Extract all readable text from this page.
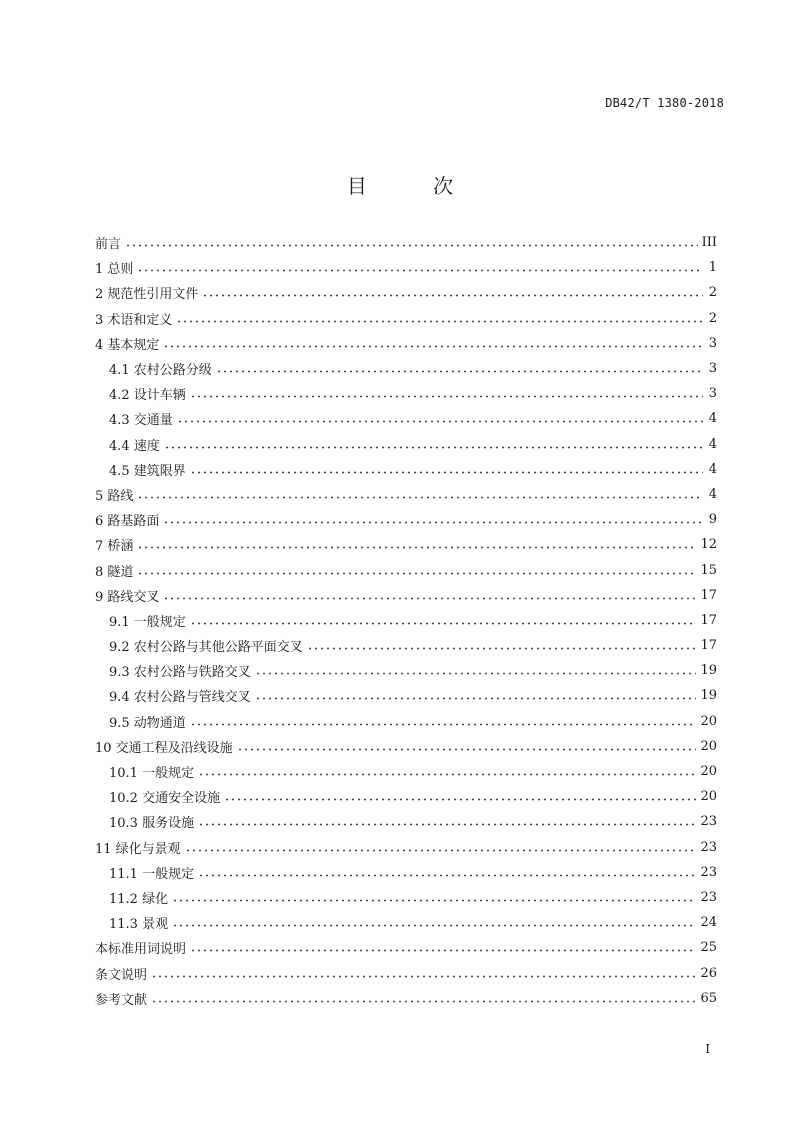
DB42/T 1380-2018
目 次
前言	III
1 总则	1
2 规范性引用文件	2
3 术语和定义	2
4 基本规定	3
4.1 农村公路分级	3
4.2 设计车辆	3
4.3 交通量	4
4.4 速度	4
4.5 建筑限界	4
5 路线	4
6 路基路面	9
7 桥涵	12
8 隧道	15
9 路线交叉	17
9.1 一般规定	17
9.2 农村公路与其他公路平面交叉	17
9.3 农村公路与铁路交叉	19
9.4 农村公路与管线交叉	19
9.5 动物通道	20
10 交通工程及沿线设施	20
10.1 一般规定	20
10.2 交通安全设施	20
10.3 服务设施	23
11 绿化与景观	23
11.1 一般规定	23
11.2 绿化	23
11.3 景观	24
本标准用词说明	25
条文说明	26
参考文献	65
I
